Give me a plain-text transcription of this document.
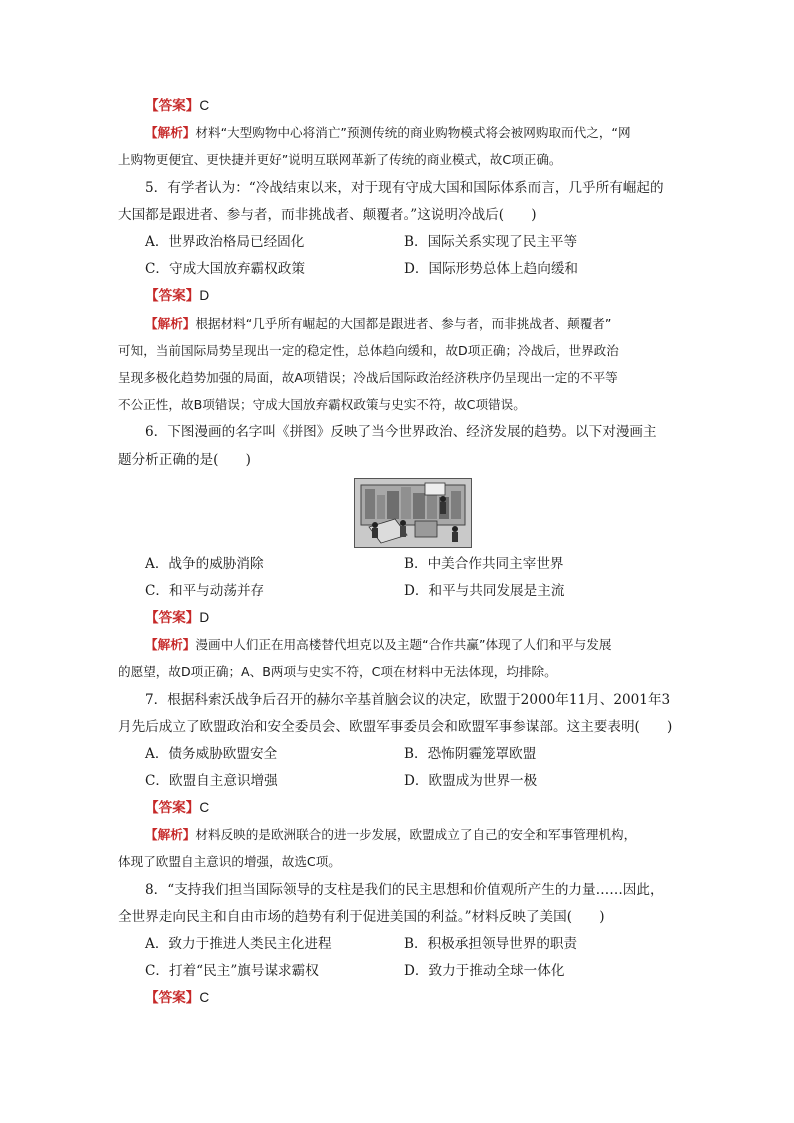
【答案】C
【解析】材料“大型购物中心将消亡”预测传统的商业购物模式将会被网购取而代之，“网
上购物更便宜、更快捷并更好”说明互联网革新了传统的商业模式，故C项正确。
5．有学者认为：“冷战结束以来，对于现有守成大国和国际体系而言，几乎所有崛起的
大国都是跟进者、参与者，而非挑战者、颠覆者。”这说明冷战后(　　)
A．世界政治格局已经固化	B．国际关系实现了民主平等
C．守成大国放弃霸权政策	D．国际形势总体上趋向缓和
【答案】D
【解析】根据材料“几乎所有崛起的大国都是跟进者、参与者，而非挑战者、颠覆者”
可知，当前国际局势呈现出一定的稳定性，总体趋向缓和，故D项正确；冷战后，世界政治
呈现多极化趋势加强的局面，故A项错误；冷战后国际政治经济秩序仍呈现出一定的不平等
不公正性，故B项错误；守成大国放弃霸权政策与史实不符，故C项错误。
6．下图漫画的名字叫《拼图》反映了当今世界政治、经济发展的趋势。以下对漫画主
题分析正确的是(　　)
A．战争的威胁消除	B．中美合作共同主宰世界
C．和平与动荡并存	D．和平与共同发展是主流
【答案】D
【解析】漫画中人们正在用高楼替代坦克以及主题“合作共赢”体现了人们和平与发展
的愿望，故D项正确；A、B两项与史实不符，C项在材料中无法体现，均排除。
7．根据科索沃战争后召开的赫尔辛基首脑会议的决定，欧盟于2000年11月、2001年3
月先后成立了欧盟政治和安全委员会、欧盟军事委员会和欧盟军事参谋部。这主要表明(　　)
A．债务威胁欧盟安全	B．恐怖阴霾笼罩欧盟
C．欧盟自主意识增强	D．欧盟成为世界一极
【答案】C
【解析】材料反映的是欧洲联合的进一步发展，欧盟成立了自己的安全和军事管理机构，
体现了欧盟自主意识的增强，故选C项。
8．“支持我们担当国际领导的支柱是我们的民主思想和价值观所产生的力量……因此，
全世界走向民主和自由市场的趋势有利于促进美国的利益。”材料反映了美国(　　)
A．致力于推进人类民主化进程	B．积极承担领导世界的职责
C．打着“民主”旗号谋求霸权	D．致力于推动全球一体化
【答案】C
